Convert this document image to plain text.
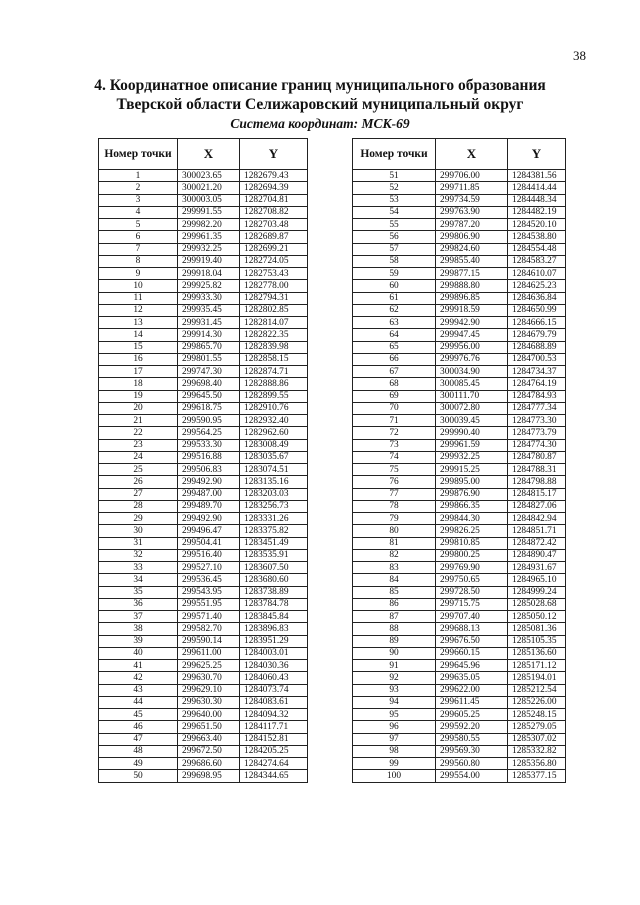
38
4. Координатное описание границ муниципального образования
Тверской области Селижаровский муниципальный округ
Система координат: МСК-69
Номер точки	X	Y
1	300023.65	1282679.43
2	300021.20	1282694.39
3	300003.05	1282704.81
4	299991.55	1282708.82
5	299982.20	1282703.48
6	299961.35	1282689.87
7	299932.25	1282699.21
8	299919.40	1282724.05
9	299918.04	1282753.43
10	299925.82	1282778.00
11	299933.30	1282794.31
12	299935.45	1282802.85
13	299931.45	1282814.07
14	299914.30	1282822.35
15	299865.70	1282839.98
16	299801.55	1282858.15
17	299747.30	1282874.71
18	299698.40	1282888.86
19	299645.50	1282899.55
20	299618.75	1282910.76
21	299590.95	1282932.40
22	299564.25	1282962.60
23	299533.30	1283008.49
24	299516.88	1283035.67
25	299506.83	1283074.51
26	299492.90	1283135.16
27	299487.00	1283203.03
28	299489.70	1283256.73
29	299492.90	1283331.26
30	299496.47	1283375.82
31	299504.41	1283451.49
32	299516.40	1283535.91
33	299527.10	1283607.50
34	299536.45	1283680.60
35	299543.95	1283738.89
36	299551.95	1283784.78
37	299571.40	1283845.84
38	299582.70	1283896.83
39	299590.14	1283951.29
40	299611.00	1284003.01
41	299625.25	1284030.36
42	299630.70	1284060.43
43	299629.10	1284073.74
44	299630.30	1284083.61
45	299640.00	1284094.32
46	299651.50	1284117.71
47	299663.40	1284152.81
48	299672.50	1284205.25
49	299686.60	1284274.64
50	299698.95	1284344.65
Номер точки	X	Y
51	299706.00	1284381.56
52	299711.85	1284414.44
53	299734.59	1284448.34
54	299763.90	1284482.19
55	299787.20	1284520.10
56	299806.90	1284538.80
57	299824.60	1284554.48
58	299855.40	1284583.27
59	299877.15	1284610.07
60	299888.80	1284625.23
61	299896.85	1284636.84
62	299918.59	1284650.99
63	299942.90	1284666.15
64	299947.45	1284679.79
65	299956.00	1284688.89
66	299976.76	1284700.53
67	300034.90	1284734.37
68	300085.45	1284764.19
69	300111.70	1284784.93
70	300072.80	1284777.34
71	300039.45	1284773.30
72	299990.40	1284773.79
73	299961.59	1284774.30
74	299932.25	1284780.87
75	299915.25	1284788.31
76	299895.00	1284798.88
77	299876.90	1284815.17
78	299866.35	1284827.06
79	299844.30	1284842.94
80	299826.25	1284851.71
81	299810.85	1284872.42
82	299800.25	1284890.47
83	299769.90	1284931.67
84	299750.65	1284965.10
85	299728.50	1284999.24
86	299715.75	1285028.68
87	299707.40	1285050.12
88	299688.13	1285081.36
89	299676.50	1285105.35
90	299660.15	1285136.60
91	299645.96	1285171.12
92	299635.05	1285194.01
93	299622.00	1285212.54
94	299611.45	1285226.00
95	299605.25	1285248.15
96	299592.20	1285279.05
97	299580.55	1285307.02
98	299569.30	1285332.82
99	299560.80	1285356.80
100	299554.00	1285377.15
